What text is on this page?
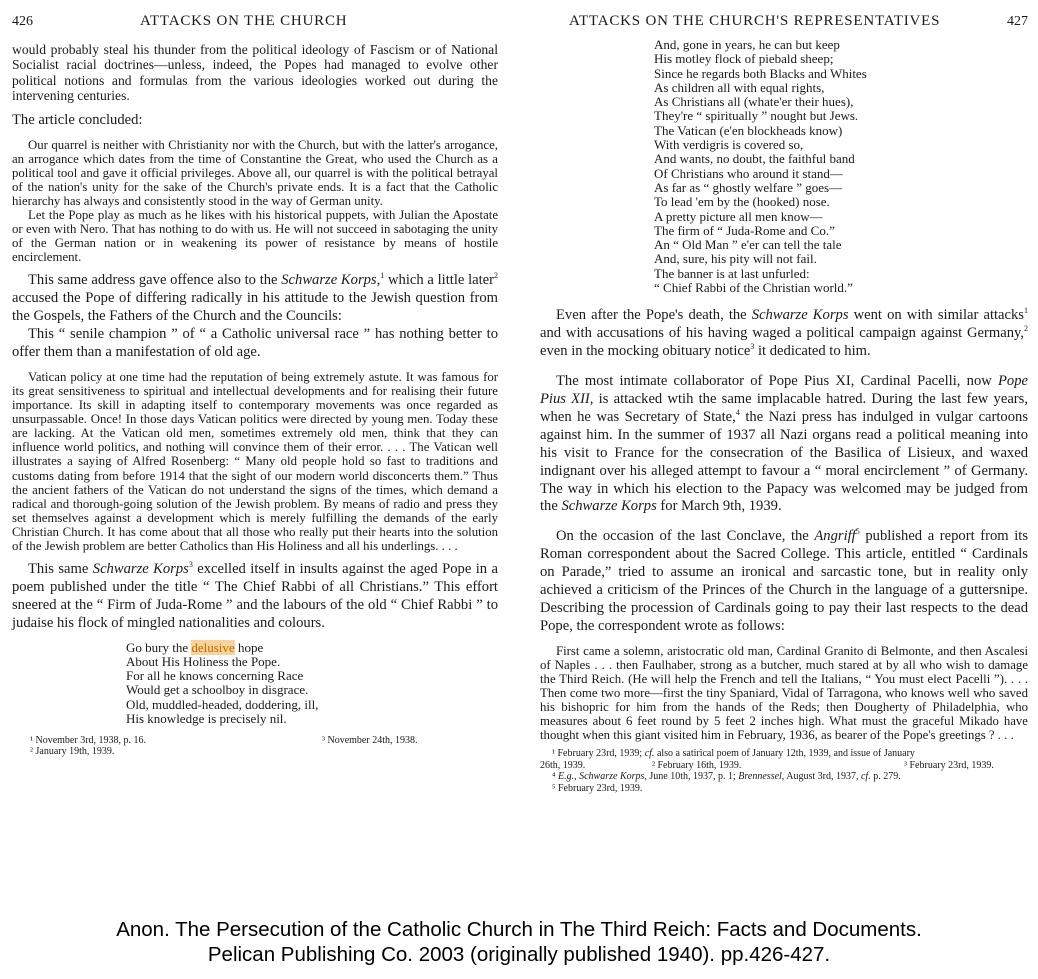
426	ATTACKS ON THE CHURCH

would probably steal his thunder from the political ideology of Fascism or of National Socialist racial doctrines—unless, indeed, the Popes had managed to evolve other political notions and formulas from the various ideologies worked out during the intervening centuries.

The article concluded:

Our quarrel is neither with Christianity nor with the Church, but with the latter's arrogance, an arrogance which dates from the time of Constantine the Great, who used the Church as a political tool and gave it official privileges. Above all, our quarrel is with the political betrayal of the nation's unity for the sake of the Church's private ends. It is a fact that the Catholic hierarchy has always and consistently stood in the way of German unity.

Let the Pope play as much as he likes with his historical puppets, with Julian the Apostate or even with Nero. That has nothing to do with us. He will not succeed in sabotaging the unity of the German nation or in weakening its power of resistance by means of hostile encirclement.

This same address gave offence also to the Schwarze Korps,$^1$ which a little later$^2$ accused the Pope of differing radically in his attitude to the Jewish question from the Gospels, the Fathers of the Church and the Councils:

This “ senile champion ” of “ a Catholic universal race ” has nothing better to offer them than a manifestation of old age.

Vatican policy at one time had the reputation of being extremely astute. It was famous for its great sensitiveness to spiritual and intellectual developments and for realising their future importance. Its skill in adapting itself to contemporary movements was once regarded as unsurpassable. Once! In those days Vatican politics were directed by young men. Today these are lacking. At the Vatican old men, sometimes extremely old men, think that they can influence world politics, and nothing will convince them of their error. . . . The Vatican well illustrates a saying of Alfred Rosenberg: “ Many old people hold so fast to traditions and customs dating from before 1914 that the sight of our modern world disconcerts them.” Thus the ancient fathers of the Vatican do not understand the signs of the times, which demand a radical and thorough-going solution of the Jewish problem. By means of radio and press they set themselves against a development which is merely fulfilling the demands of the early Christian Church. It has come about that all those who really put their hearts into the solution of the Jewish problem are better Catholics than His Holiness and all his underlings. . . .

This same Schwarze Korps$^3$ excelled itself in insults against the aged Pope in a poem published under the title “ The Chief Rabbi of all Christians.” This effort sneered at the “ Firm of Juda-Rome ” and the labours of the old “ Chief Rabbi ” to judaise his flock of mingled nationalities and colours.

Go bury the delusive hope
About His Holiness the Pope.
For all he knows concerning Race
Would get a schoolboy in disgrace.
Old, muddled-headed, doddering, ill,
His knowledge is precisely nil.
¹ November 3rd, 1938, p. 16.	³ November 24th, 1938.
² January 19th, 1939.
ATTACKS ON THE CHURCH'S REPRESENTATIVES	427
And, gone in years, he can but keep
His motley flock of piebald sheep;
Since he regards both Blacks and Whites
As children all with equal rights,
As Christians all (whate'er their hues),
They're “ spiritually ” nought but Jews.
The Vatican (e'en blockheads know)
With verdigris is covered so,
And wants, no doubt, the faithful band
Of Christians who around it stand—
As far as “ ghostly welfare ” goes—
To lead 'em by the (hooked) nose.
A pretty picture all men know—
The firm of “ Juda-Rome and Co.”
An “ Old Man ” e'er can tell the tale
And, sure, his pity will not fail.
The banner is at last unfurled:
“ Chief Rabbi of the Christian world.”

Even after the Pope's death, the Schwarze Korps went on with similar attacks$^1$ and with accusations of his having waged a political campaign against Germany,$^2$ even in the mocking obituary notice$^3$ it dedicated to him.

The most intimate collaborator of Pope Pius XI, Cardinal Pacelli, now Pope Pius XII, is attacked wtih the same implacable hatred. During the last few years, when he was Secretary of State,$^4$ the Nazi press has indulged in vulgar cartoons against him. In the summer of 1937 all Nazi organs read a political meaning into his visit to France for the consecration of the Basilica of Lisieux, and waxed indignant over his alleged attempt to favour a “ moral encirclement ” of Germany. The way in which his election to the Papacy was welcomed may be judged from the Schwarze Korps for March 9th, 1939.

On the occasion of the last Conclave, the Angriff$^5$ published a report from its Roman correspondent about the Sacred College. This article, entitled “ Cardinals on Parade,” tried to assume an ironical and sarcastic tone, but in reality only achieved a criticism of the Princes of the Church in the language of a guttersnipe. Describing the procession of Cardinals going to pay their last respects to the dead Pope, the correspondent wrote as follows:

First came a solemn, aristocratic old man, Cardinal Granito di Belmonte, and then Ascalesi of Naples . . . then Faulhaber, strong as a butcher, much stared at by all who wish to damage the Third Reich. (He will help the French and tell the Italians, “ You must elect Pacelli ”). . . . Then come two more—first the tiny Spaniard, Vidal of Tarragona, who knows well who saved his bishopric for him from the hands of the Reds; then Dougherty of Philadelphia, who measures about 6 feet round by 5 feet 2 inches high. What must the graceful Mikado have thought when this giant visited him in February, 1936, as bearer of the Pope's greetings ? . . .

¹ February 23rd, 1939; cf. also a satirical poem of January 12th, 1939, and issue of January
26th, 1939.	² February 16th, 1939.	³ February 23rd, 1939.
⁴ E.g., Schwarze Korps, June 10th, 1937, p. 1; Brennessel, August 3rd, 1937, cf. p. 279.
⁵ February 23rd, 1939.
Anon. The Persecution of the Catholic Church in The Third Reich: Facts and Documents.
Pelican Publishing Co. 2003 (originally published 1940). pp.426-427.
